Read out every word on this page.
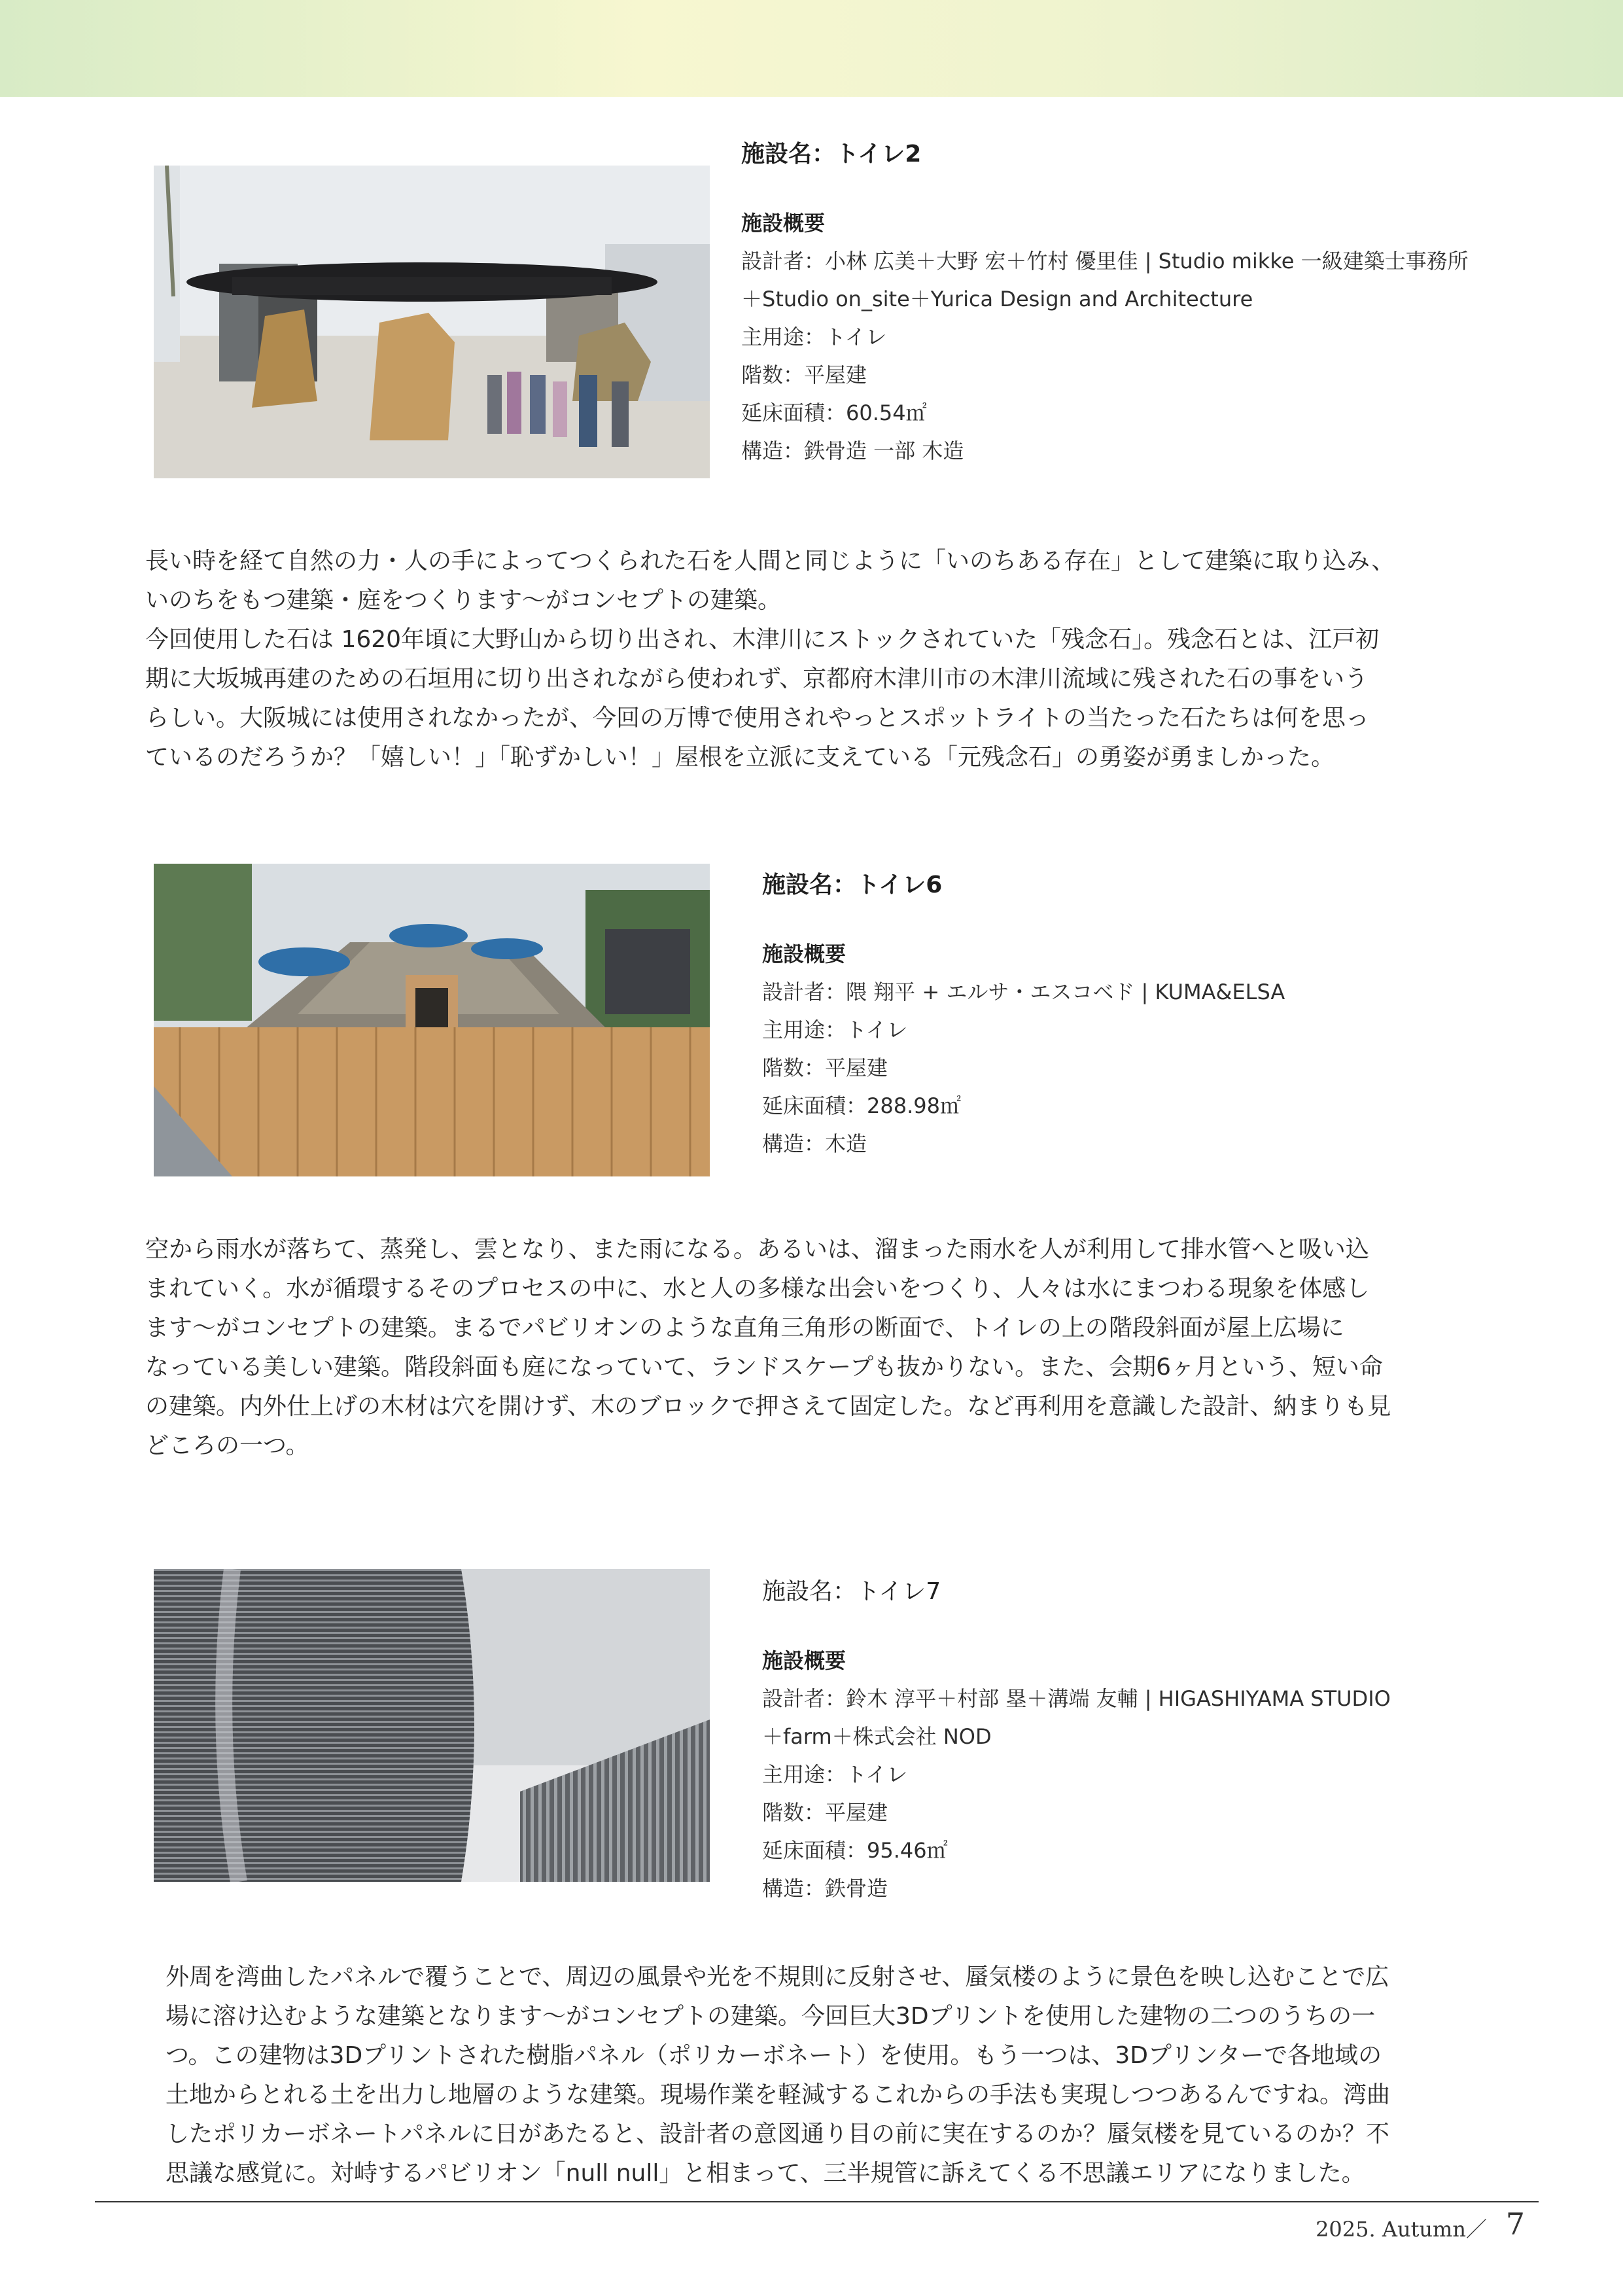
施設名：トイレ2
施設概要
設計者：小林 広美＋大野 宏＋竹村 優里佳 | Studio mikke 一級建築士事務所
＋Studio on_site＋Yurica Design and Architecture
主用途：トイレ
階数：平屋建
延床面積：60.54㎡
構造：鉄骨造 一部 木造

長い時を経て自然の力・人の手によってつくられた石を人間と同じように「いのちある存在」として建築に取り込み、

いのちをもつ建築・庭をつくります～がコンセプトの建築。

今回使用した石は 1620年頃に大野山から切り出され、木津川にストックされていた「残念石」。残念石とは、江戸初

期に大坂城再建のための石垣用に切り出されながら使われず、京都府木津川市の木津川流域に残された石の事をいう

らしい。大阪城には使用されなかったが、今回の万博で使用されやっとスポットライトの当たった石たちは何を思っ

ているのだろうか？「嬉しい！」「恥ずかしい！」屋根を立派に支えている「元残念石」の勇姿が勇ましかった。

施設名：トイレ6
施設概要
設計者：隈 翔平 + エルサ・エスコベド | KUMA&ELSA
主用途：トイレ
階数：平屋建
延床面積：288.98㎡
構造：木造

空から雨水が落ちて、蒸発し、雲となり、また雨になる。あるいは、溜まった雨水を人が利用して排水管へと吸い込

まれていく。水が循環するそのプロセスの中に、水と人の多様な出会いをつくり、人々は水にまつわる現象を体感し

ます～がコンセプトの建築。まるでパビリオンのような直角三角形の断面で、トイレの上の階段斜面が屋上広場に

なっている美しい建築。階段斜面も庭になっていて、ランドスケープも抜かりない。また、会期6ヶ月という、短い命

の建築。内外仕上げの木材は穴を開けず、木のブロックで押さえて固定した。など再利用を意識した設計、納まりも見

どころの一つ。

施設名：トイレ7
施設概要
設計者：鈴木 淳平＋村部 塁＋溝端 友輔 | HIGASHIYAMA STUDIO
＋farm＋株式会社 NOD
主用途：トイレ
階数：平屋建
延床面積：95.46㎡
構造：鉄骨造

外周を湾曲したパネルで覆うことで、周辺の風景や光を不規則に反射させ、蜃気楼のように景色を映し込むことで広

場に溶け込むような建築となります～がコンセプトの建築。今回巨大3Dプリントを使用した建物の二つのうちの一

つ。この建物は3Dプリントされた樹脂パネル（ポリカーボネート）を使用。もう一つは、3Dプリンターで各地域の

土地からとれる土を出力し地層のような建築。現場作業を軽減するこれからの手法も実現しつつあるんですね。湾曲

したポリカーボネートパネルに日があたると、設計者の意図通り目の前に実在するのか？蜃気楼を見ているのか？不

思議な感覚に。対峙するパビリオン「null null」と相まって、三半規管に訴えてくる不思議エリアになりました。

2025. Autumn／ 7
